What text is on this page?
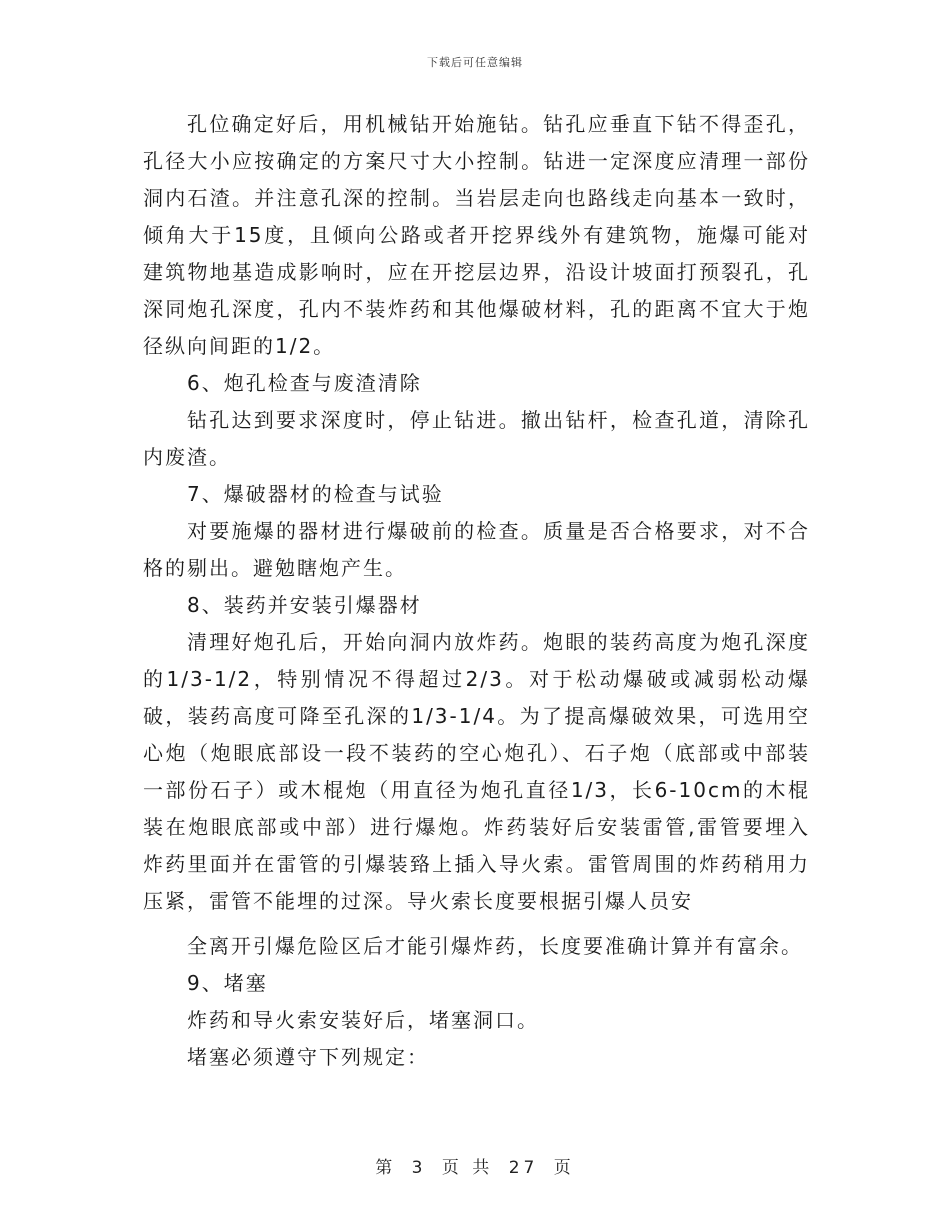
下载后可任意编辑

孔位确定好后，用机械钻开始施钻。钻孔应垂直下钻不得歪孔，孔径大小应按确定的方案尺寸大小控制。钻进一定深度应清理一部份洞内石渣。并注意孔深的控制。当岩层走向也路线走向基本一致时，倾角大于15度，且倾向公路或者开挖界线外有建筑物，施爆可能对建筑物地基造成影响时，应在开挖层边界，沿设计坡面打预裂孔，孔深同炮孔深度，孔内不装炸药和其他爆破材料，孔的距离不宜大于炮径纵向间距的1/2。

6、炮孔检查与废渣清除

钻孔达到要求深度时，停止钻进。撤出钻杆，检查孔道，清除孔内废渣。

7、爆破器材的检查与试验

对要施爆的器材进行爆破前的检查。质量是否合格要求，对不合格的剔出。避勉瞎炮产生。

8、装药并安装引爆器材

清理好炮孔后，开始向洞内放炸药。炮眼的装药高度为炮孔深度的1/3-1/2，特别情况不得超过2/3。对于松动爆破或减弱松动爆破，装药高度可降至孔深的1/3-1/4。为了提高爆破效果，可选用空心炮（炮眼底部设一段不装药的空心炮孔）、石子炮（底部或中部装一部份石子）或木棍炮（用直径为炮孔直径1/3，长6-10cm的木棍装在炮眼底部或中部）进行爆炮。炸药装好后安装雷管,雷管要埋入炸药里面并在雷管的引爆装臵上插入导火索。雷管周围的炸药稍用力压紧，雷管不能埋的过深。导火索长度要根据引爆人员安

全离开引爆危险区后才能引爆炸药，长度要准确计算并有富余。

9、堵塞

炸药和导火索安装好后，堵塞洞口。

堵塞必须遵守下列规定：

第 3 页 共 27 页
